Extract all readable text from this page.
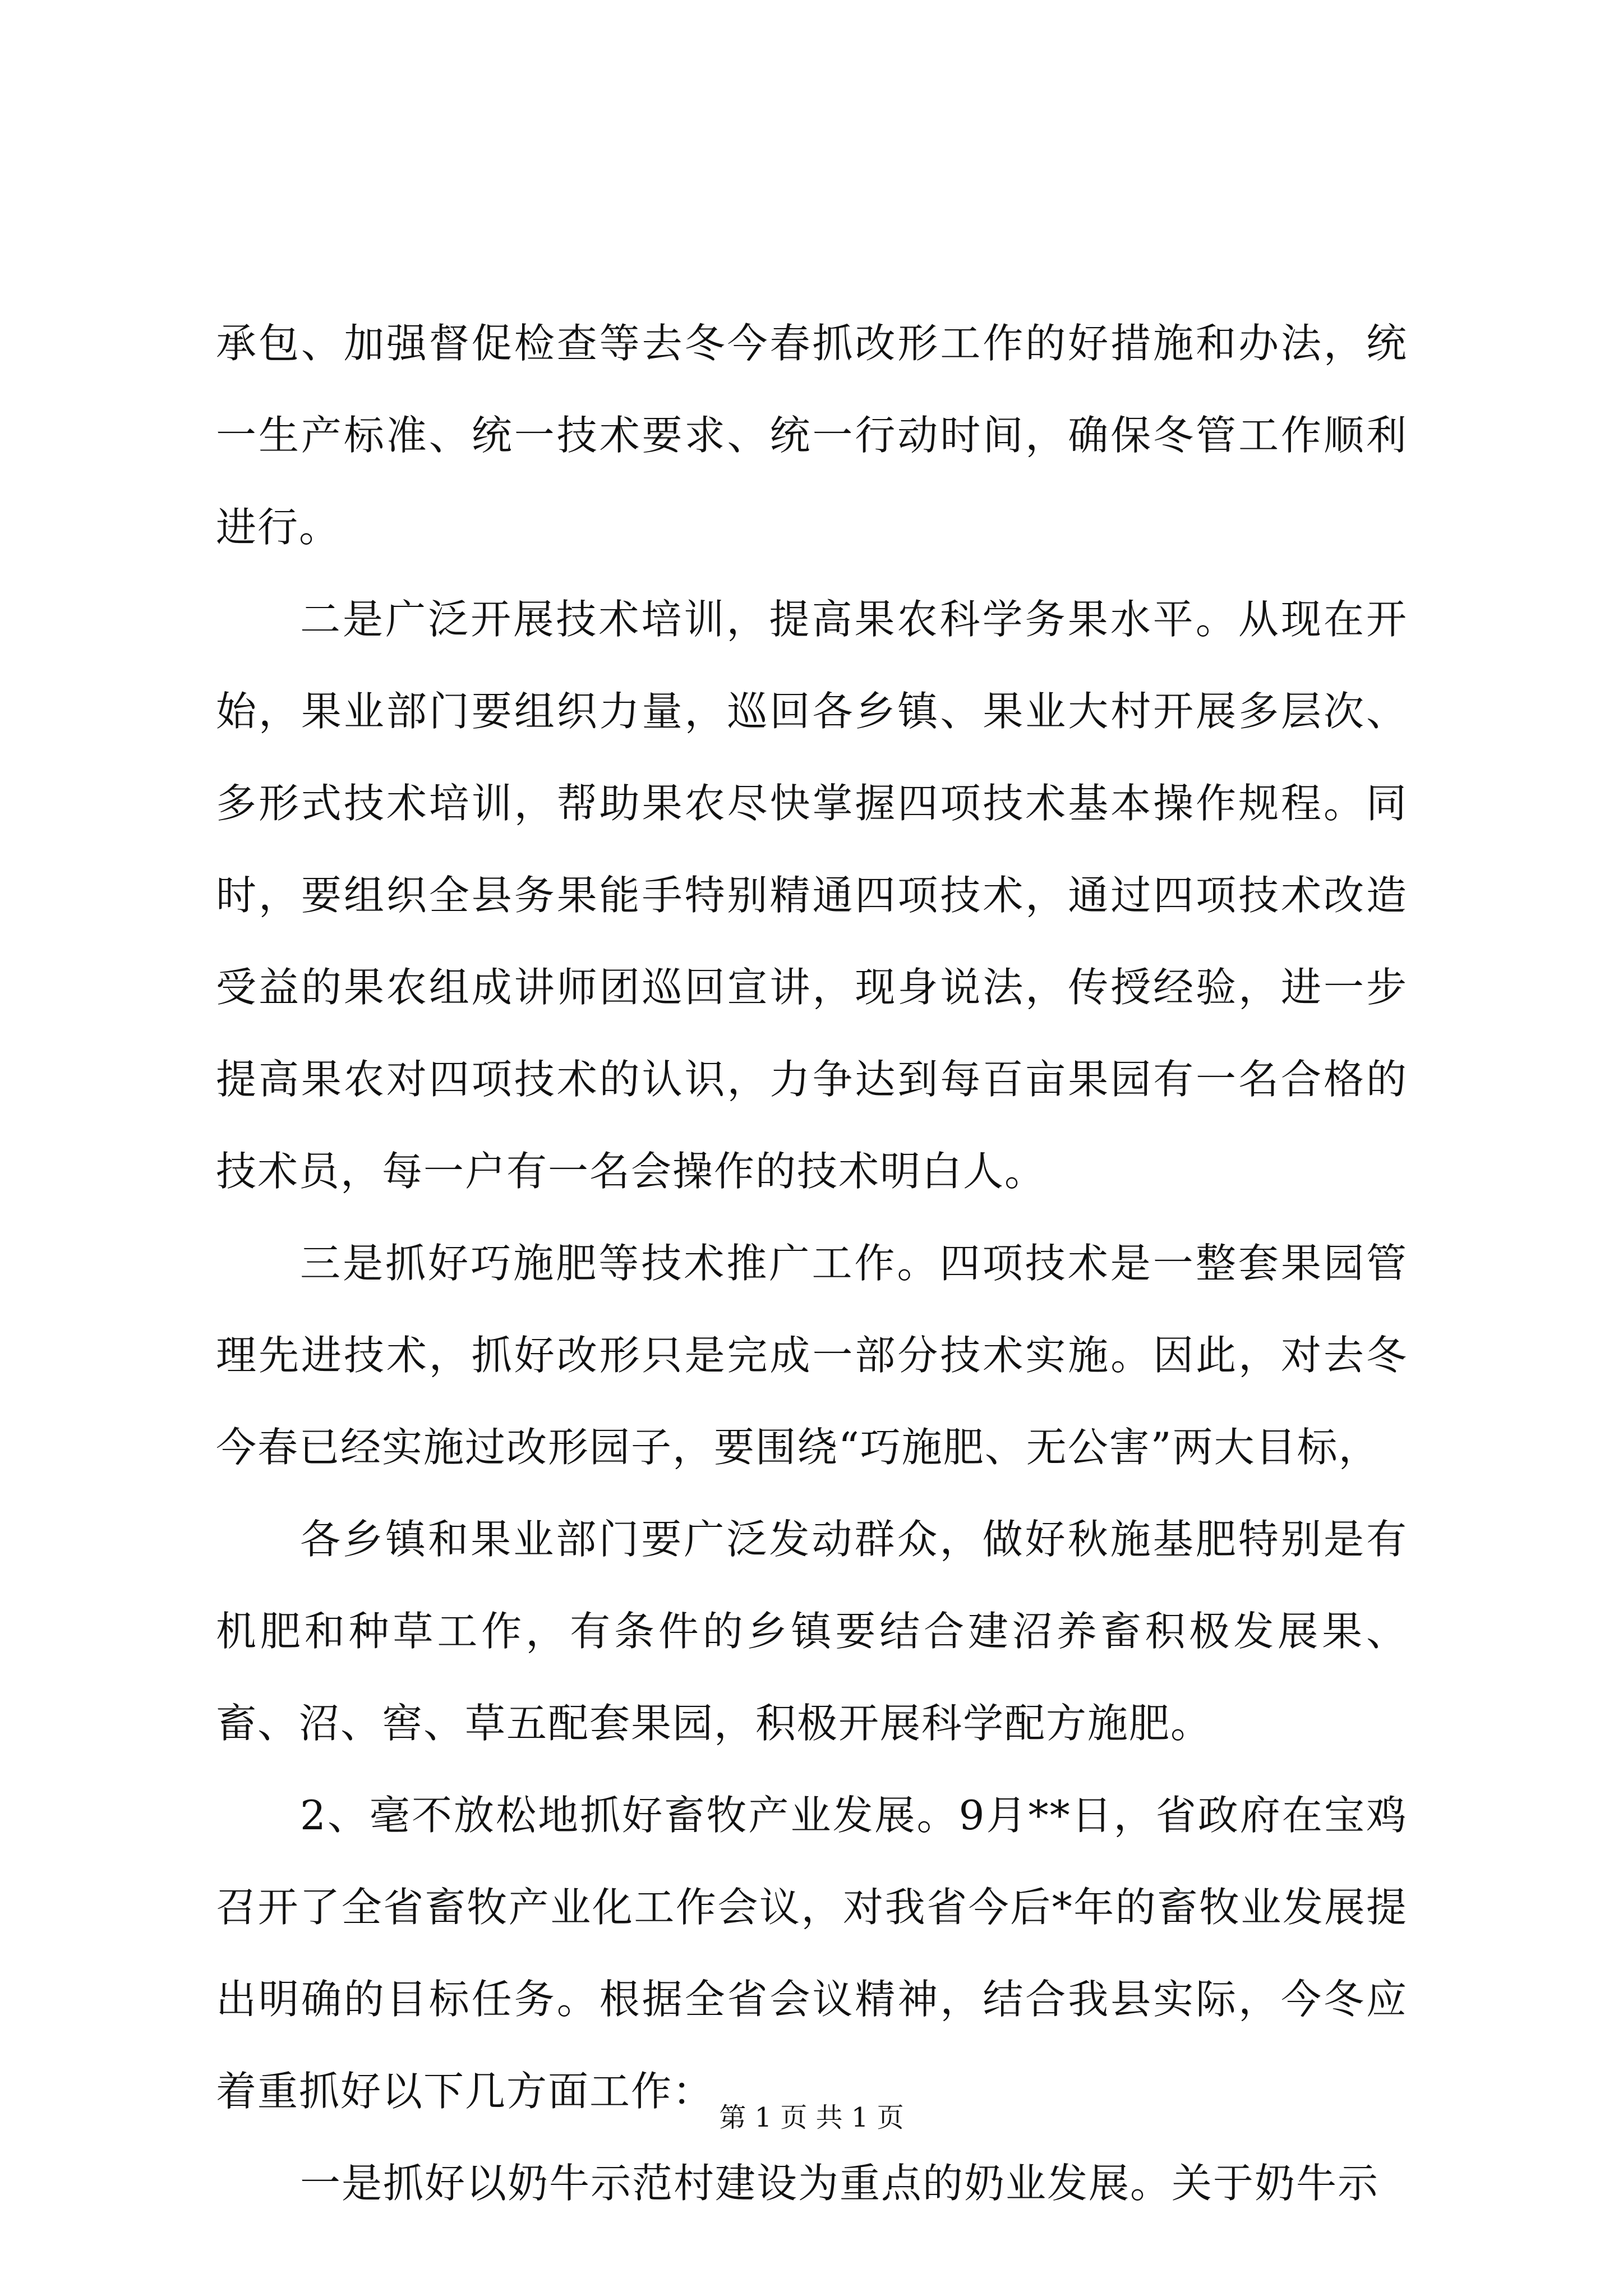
承包、加强督促检查等去冬今春抓改形工作的好措施和办法，统一生产标准、统一技术要求、统一行动时间，确保冬管工作顺利进行。

二是广泛开展技术培训，提高果农科学务果水平。从现在开始，果业部门要组织力量，巡回各乡镇、果业大村开展多层次、多形式技术培训，帮助果农尽快掌握四项技术基本操作规程。同时，要组织全县务果能手特别精通四项技术，通过四项技术改造受益的果农组成讲师团巡回宣讲，现身说法，传授经验，进一步提高果农对四项技术的认识，力争达到每百亩果园有一名合格的技术员，每一户有一名会操作的技术明白人。

三是抓好巧施肥等技术推广工作。四项技术是一整套果园管理先进技术，抓好改形只是完成一部分技术实施。因此，对去冬今春已经实施过改形园子，要围绕“巧施肥、无公害”两大目标，

各乡镇和果业部门要广泛发动群众，做好秋施基肥特别是有机肥和种草工作，有条件的乡镇要结合建沼养畜积极发展果、畜、沼、窖、草五配套果园，积极开展科学配方施肥。

2、毫不放松地抓好畜牧产业发展。9月**日，省政府在宝鸡召开了全省畜牧产业化工作会议，对我省今后*年的畜牧业发展提出明确的目标任务。根据全省会议精神，结合我县实际，今冬应着重抓好以下几方面工作：

一是抓好以奶牛示范村建设为重点的奶业发展。关于奶牛示

第 1 页 共 1 页
